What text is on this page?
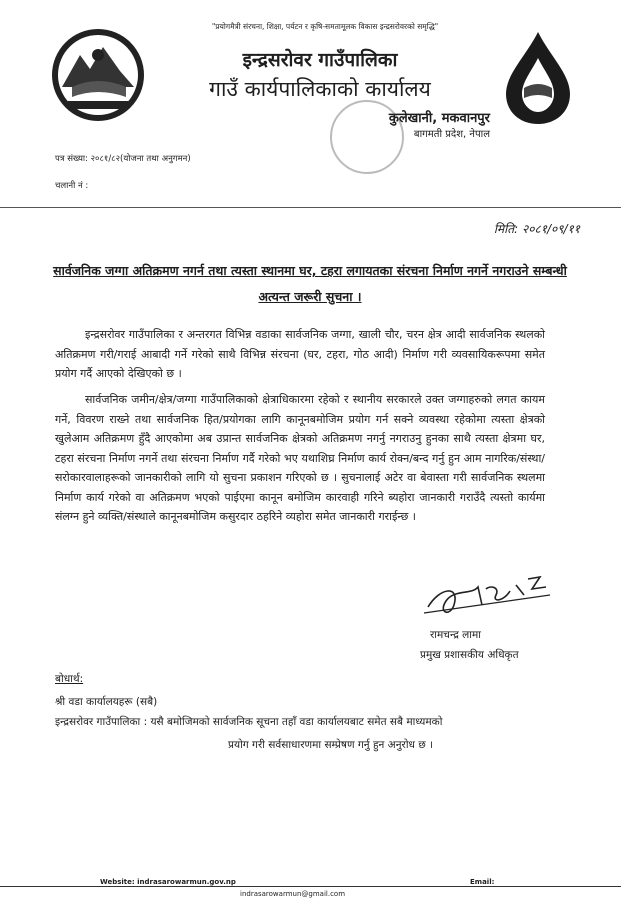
"प्रयोगमैत्री संरचना, शिक्षा, पर्यटन र कृषि-समतामूलक विकास इन्द्रसरोवरको समृद्धि"
इन्द्रसरोवर गाउँपालिका
गाउँ कार्यपालिकाको कार्यालय
कुलेखानी, मकवानपुर
बागमती प्रदेश, नेपाल
पत्र संख्या: २०८१/८२(योजना तथा अनुगमन)
चलानी नं :
मिति: २०८१/०९/११
सार्वजनिक जग्गा अतिक्रमण नगर्न तथा त्यस्ता स्थानमा घर, टहरा लगायतका संरचना निर्माण नगर्ने नगराउने सम्बन्धी अत्यन्त जरूरी सुचना ।
इन्द्रसरोवर गाउँपालिका र अन्तरगत विभिन्न वडाका सार्वजनिक जग्गा, खाली चौर, चरन क्षेत्र आदी सार्वजनिक स्थलको अतिक्रमण गरी/गराई आबादी गर्ने गरेको साथै विभिन्न संरचना (घर, टहरा, गोठ आदी) निर्माण गरी व्यवसायिकरूपमा समेत प्रयोग गर्दै आएको देखिएको छ ।
सार्वजनिक जमीन/क्षेत्र/जग्गा गाउँपालिकाको क्षेत्राधिकारमा रहेको र स्थानीय सरकारले उक्त जग्गाहरुको लगत कायम गर्ने, विवरण राख्ने तथा सार्वजनिक हित/प्रयोगका लागि कानूनबमोजिम प्रयोग गर्न सक्ने व्यवस्था रहेकोमा त्यस्ता क्षेत्रको खुलेआम अतिक्रमण हुँदै आएकोमा अब उप्रान्त सार्वजनिक क्षेत्रको अतिक्रमण नगर्नु नगराउनु हुनका साथै त्यस्ता क्षेत्रमा घर, टहरा संरचना निर्माण नगर्ने तथा संरचना निर्माण गर्दै गरेको भए यथाशिघ्र निर्माण कार्य रोक्न/बन्द गर्नु हुन आम नागरिक/संस्था/सरोकारवालाहरूको जानकारीको लागि यो सुचना प्रकाशन गरिएको छ । सुचनालाई अटेर वा बेवास्ता गरी सार्वजनिक स्थलमा निर्माण कार्य गरेको वा अतिक्रमण भएको पाईएमा कानून बमोजिम कारवाही गरिने ब्यहोरा जानकारी गराउँदै त्यस्तो कार्यमा संलग्न हुने व्यक्ति/संस्थाले कानूनबमोजिम कसुरदार ठहरिने व्यहोरा समेत जानकारी गराईन्छ ।
रामचन्द्र लामा
प्रमुख प्रशासकीय अधिकृत
बोधार्थ:
श्री वडा कार्यालयहरू (सबै)
इन्द्रसरोवर गाउँपालिका : यसै बमोजिमको सार्वजनिक सूचना तहाँ वडा कार्यालयबाट समेत सबै माध्यमको
प्रयोग गरी सर्वसाधारणमा सम्प्रेषण गर्नु हुन अनुरोध छ ।
Website: indrasarowarmun.gov.np	Email:
indrasarowarmun@gmail.com
